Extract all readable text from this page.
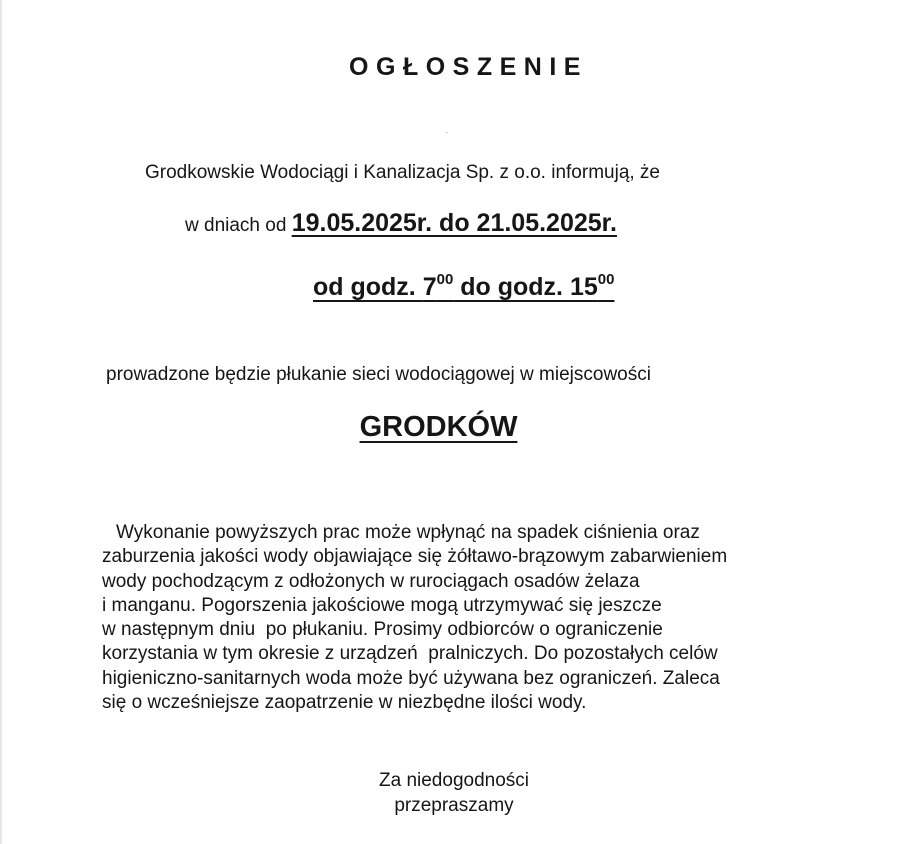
OGŁOSZENIE
Grodkowskie Wodociągi i Kanalizacja Sp. z o.o. informują, że
w dniach od 19.05.2025r. do 21.05.2025r.
od godz. $7^{00}$ do godz. $15^{00}$
prowadzone będzie płukanie sieci wodociągowej w miejscowości
GRODKÓW
Wykonanie powyższych prac może wpłynąć na spadek ciśnienia oraz
zaburzenia jakości wody objawiające się żółtawo-brązowym zabarwieniem
wody pochodzącym z odłożonych w rurociągach osadów żelaza
i manganu. Pogorszenia jakościowe mogą utrzymywać się jeszcze
w następnym dniu  po płukaniu. Prosimy odbiorców o ograniczenie
korzystania w tym okresie z urządzeń  pralniczych. Do pozostałych celów
higieniczno-sanitarnych woda może być używana bez ograniczeń. Zaleca
się o wcześniejsze zaopatrzenie w niezbędne ilości wody.
Za niedogodności
przepraszamy
